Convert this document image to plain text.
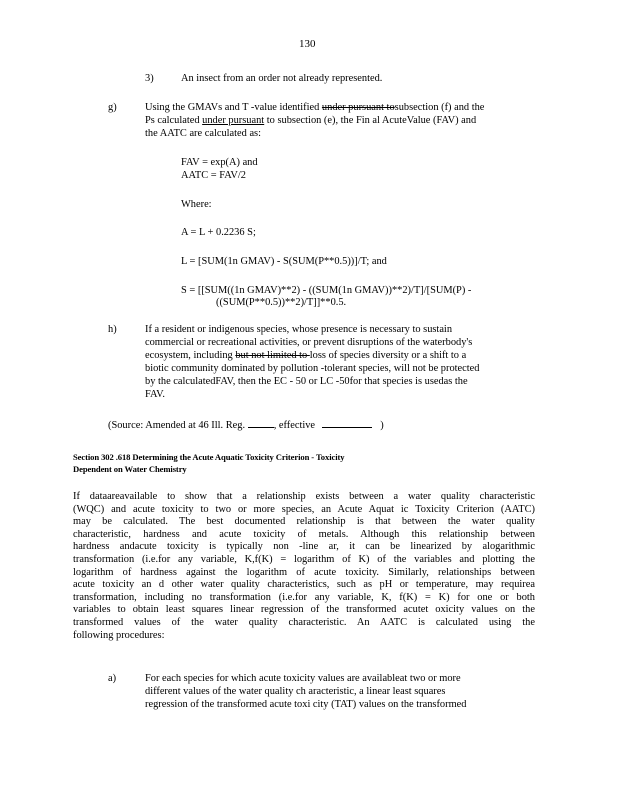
130
3)	An insect from an order not already represented.
g)	Using the GMAVs and T -value identified under pursuant tosubsection (f) and the
Ps calculated under pursuant to subsection (e), the Fin al AcuteValue (FAV) and
the AATC are calculated as:
FAV = exp(A) and
AATC = FAV/2
Where:
A = L + 0.2236 S;
L = [SUM(1n GMAV) - S(SUM(P**0.5))]/T; and
S = [[SUM((1n GMAV)**2) - ((SUM(1n GMAV))**2)/T]/[SUM(P) -
((SUM(P**0.5))**2)/T]]**0.5.
h)	If a resident or indigenous species, whose presence is necessary to sustain
commercial or recreational activities, or prevent disruptions of the waterbody's
ecosystem, including but not limited to loss of species diversity or a shift to a
biotic community dominated by pollution -tolerant species, will not be protected
by the calculatedFAV, then the EC - 50 or LC -50for that species is usedas the
FAV.
(Source: Amended at 46 Ill. Reg.	, effective	)
Section 302 .618 Determining the Acute Aquatic Toxicity Criterion - Toxicity
Dependent on Water Chemistry
If dataareavailable to show that a relationship exists between a water quality characteristic
(WQC) and acute toxicity to two or more species, an Acute Aquat ic Toxicity Criterion (AATC)
may be calculated. The best documented relationship is that between the water quality
characteristic, hardness and acute toxicity of metals. Although this relationship between
hardness andacute toxicity is typically non -line ar, it can be linearized by alogarithmic
transformation (i.e.for any variable, K,f(K) = logarithm of K) of the variables and plotting the
logarithm of hardness against the logarithm of acute toxicity. Similarly, relationships between
acute toxicity an d other water quality characteristics, such as pH or temperature, may requirea
transformation, including no transformation (i.e.for any variable, K, f(K) = K) for one or both
variables to obtain least squares linear regression of the transformed acutet oxicity values on the
transformed values of the water quality characteristic. An AATC is calculated using the
following procedures:
a)	For each species for which acute toxicity values are availableat two or more
different values of the water quality ch aracteristic, a linear least squares
regression of the transformed acute toxi city (TAT) values on the transformed
